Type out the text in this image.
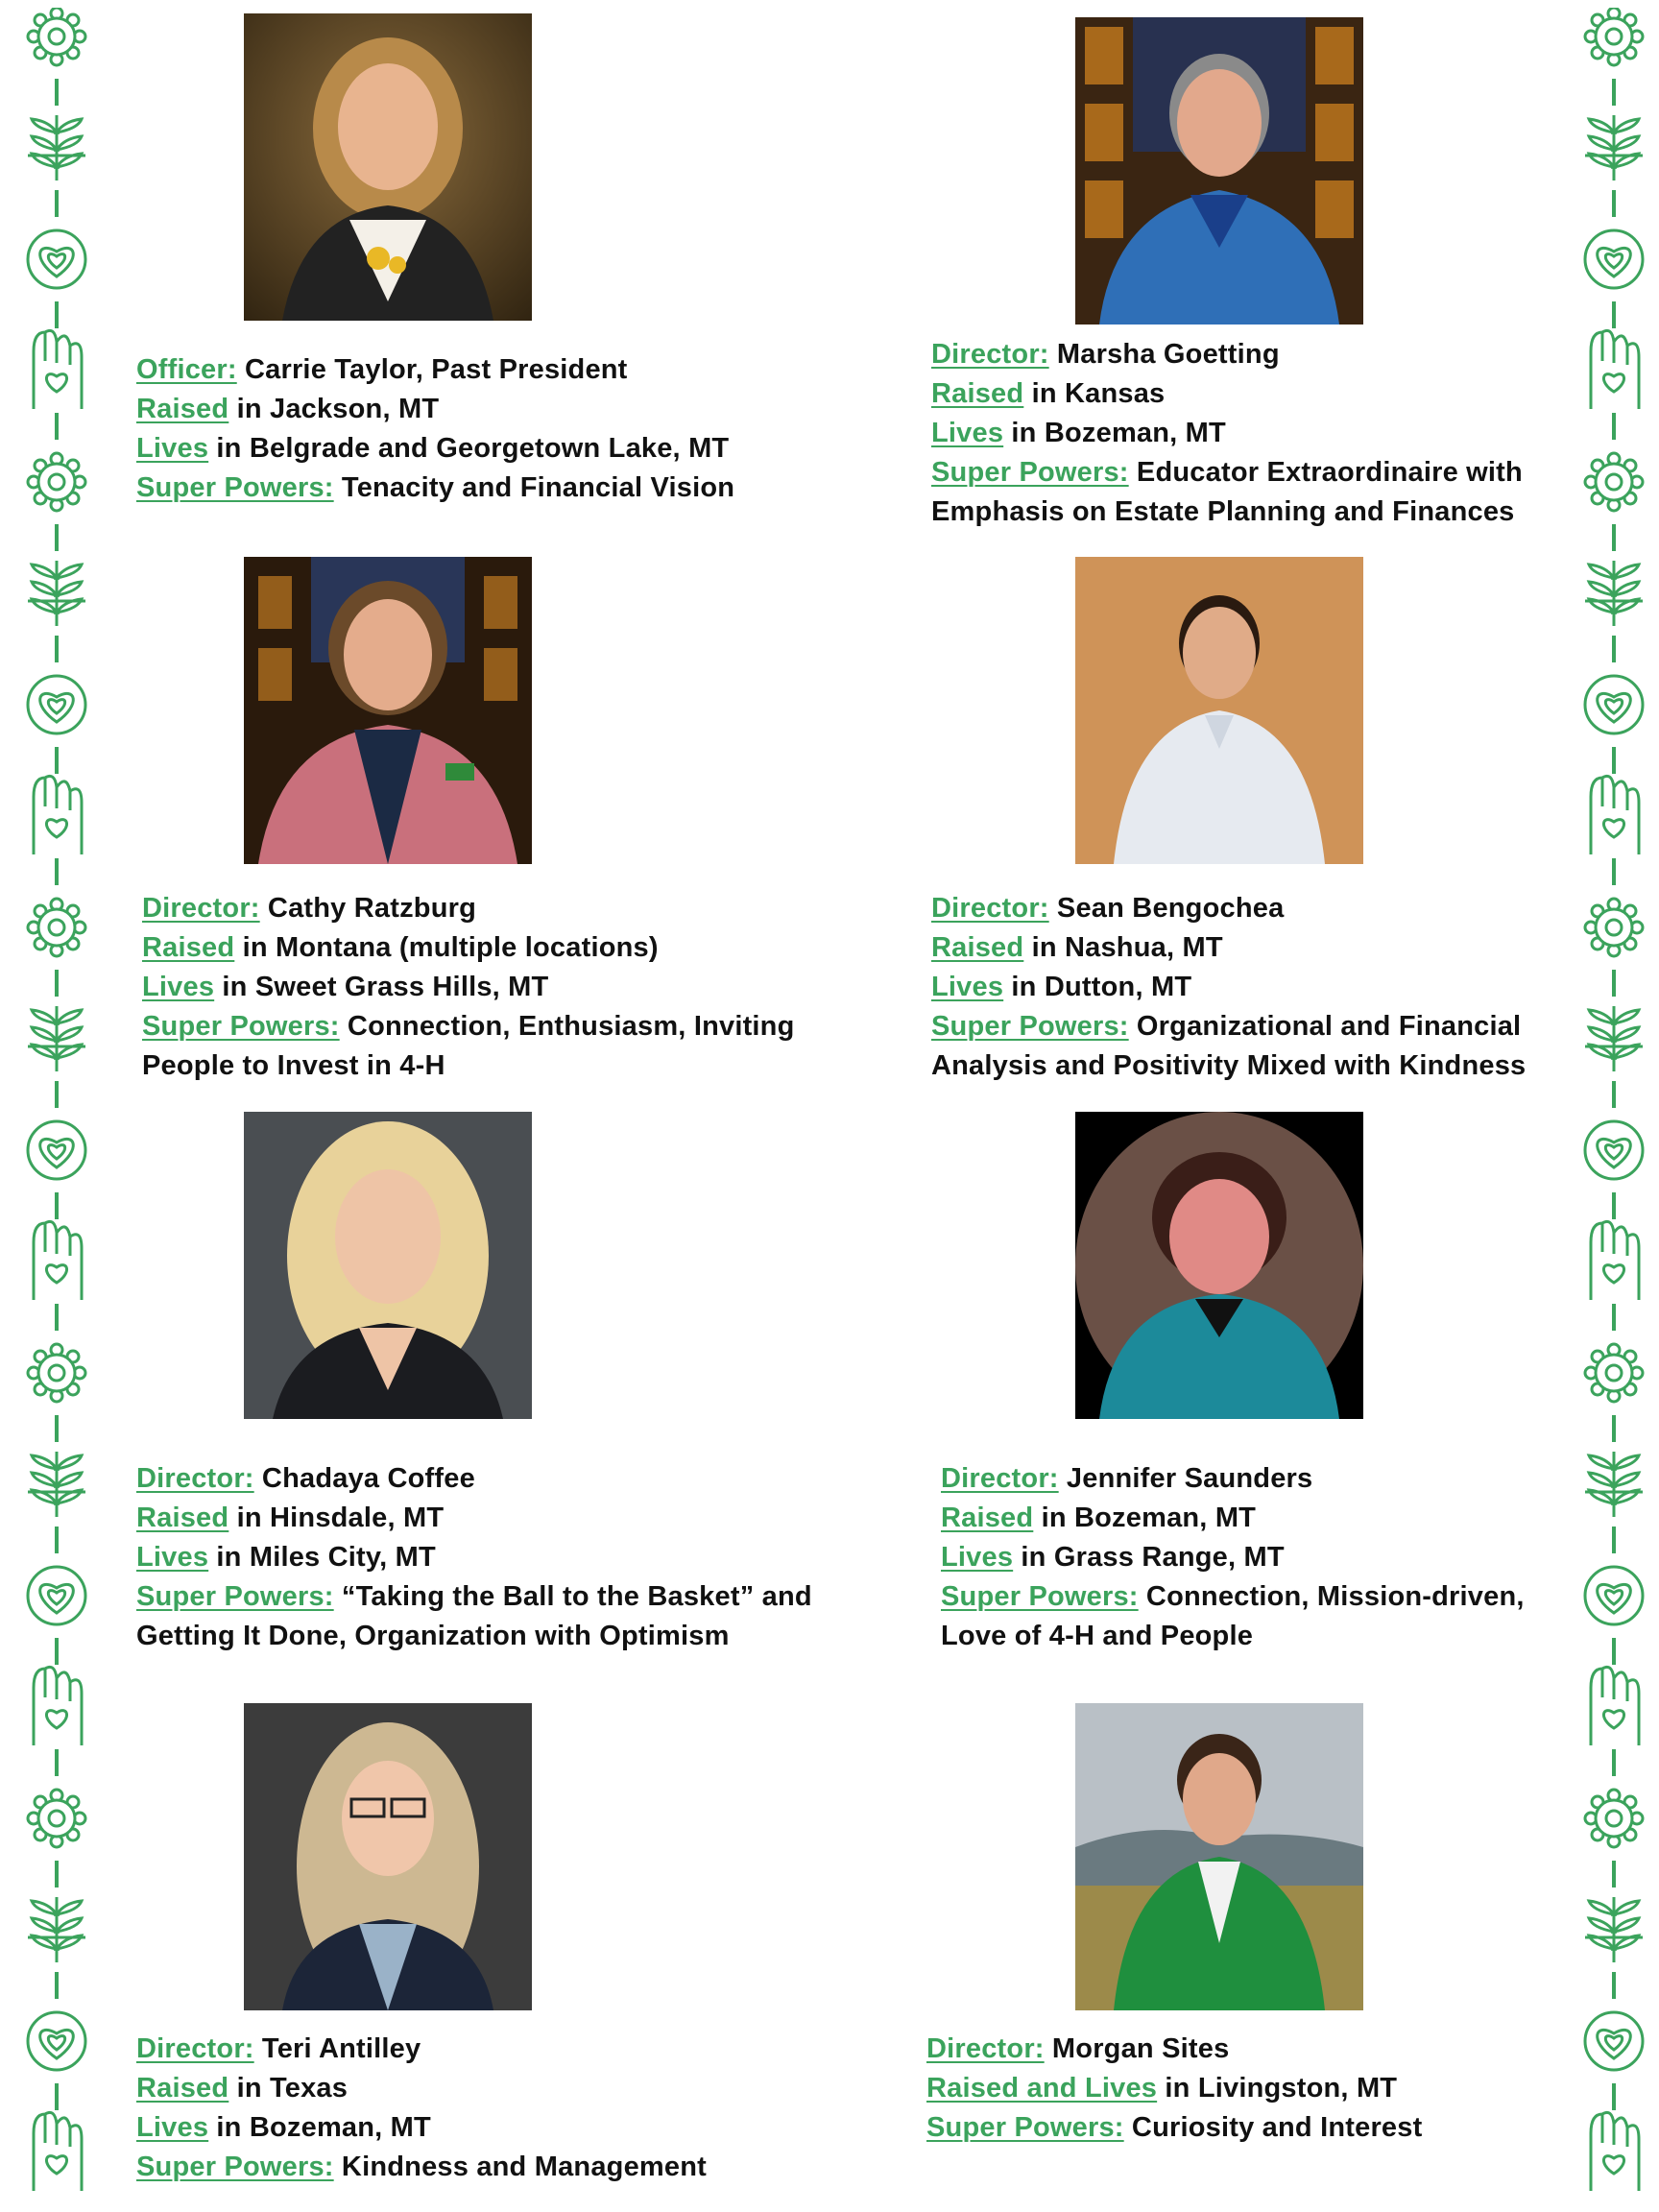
Officer: Carrie Taylor, Past President
Raised in Jackson, MT
Lives in Belgrade and Georgetown Lake, MT
Super Powers: Tenacity and Financial Vision
Director: Marsha Goetting
Raised in Kansas
Lives in Bozeman, MT
Super Powers: Educator Extraordinaire with
Emphasis on Estate Planning and Finances
Director: Cathy Ratzburg
Raised in Montana (multiple locations)
Lives in Sweet Grass Hills, MT
Super Powers: Connection, Enthusiasm, Inviting
People to Invest in 4-H
Director: Sean Bengochea
Raised in Nashua, MT
Lives in Dutton, MT
Super Powers: Organizational and Financial
Analysis and Positivity Mixed with Kindness
Director: Chadaya Coffee
Raised in Hinsdale, MT
Lives in Miles City, MT
Super Powers: “Taking the Ball to the Basket” and
Getting It Done, Organization with Optimism
Director: Jennifer Saunders
Raised in Bozeman, MT
Lives in Grass Range, MT
Super Powers: Connection, Mission-driven,
Love of 4-H and People
Director: Teri Antilley
Raised in Texas
Lives in Bozeman, MT
Super Powers: Kindness and Management
Director: Morgan Sites
Raised and Lives in Livingston, MT
Super Powers: Curiosity and Interest
